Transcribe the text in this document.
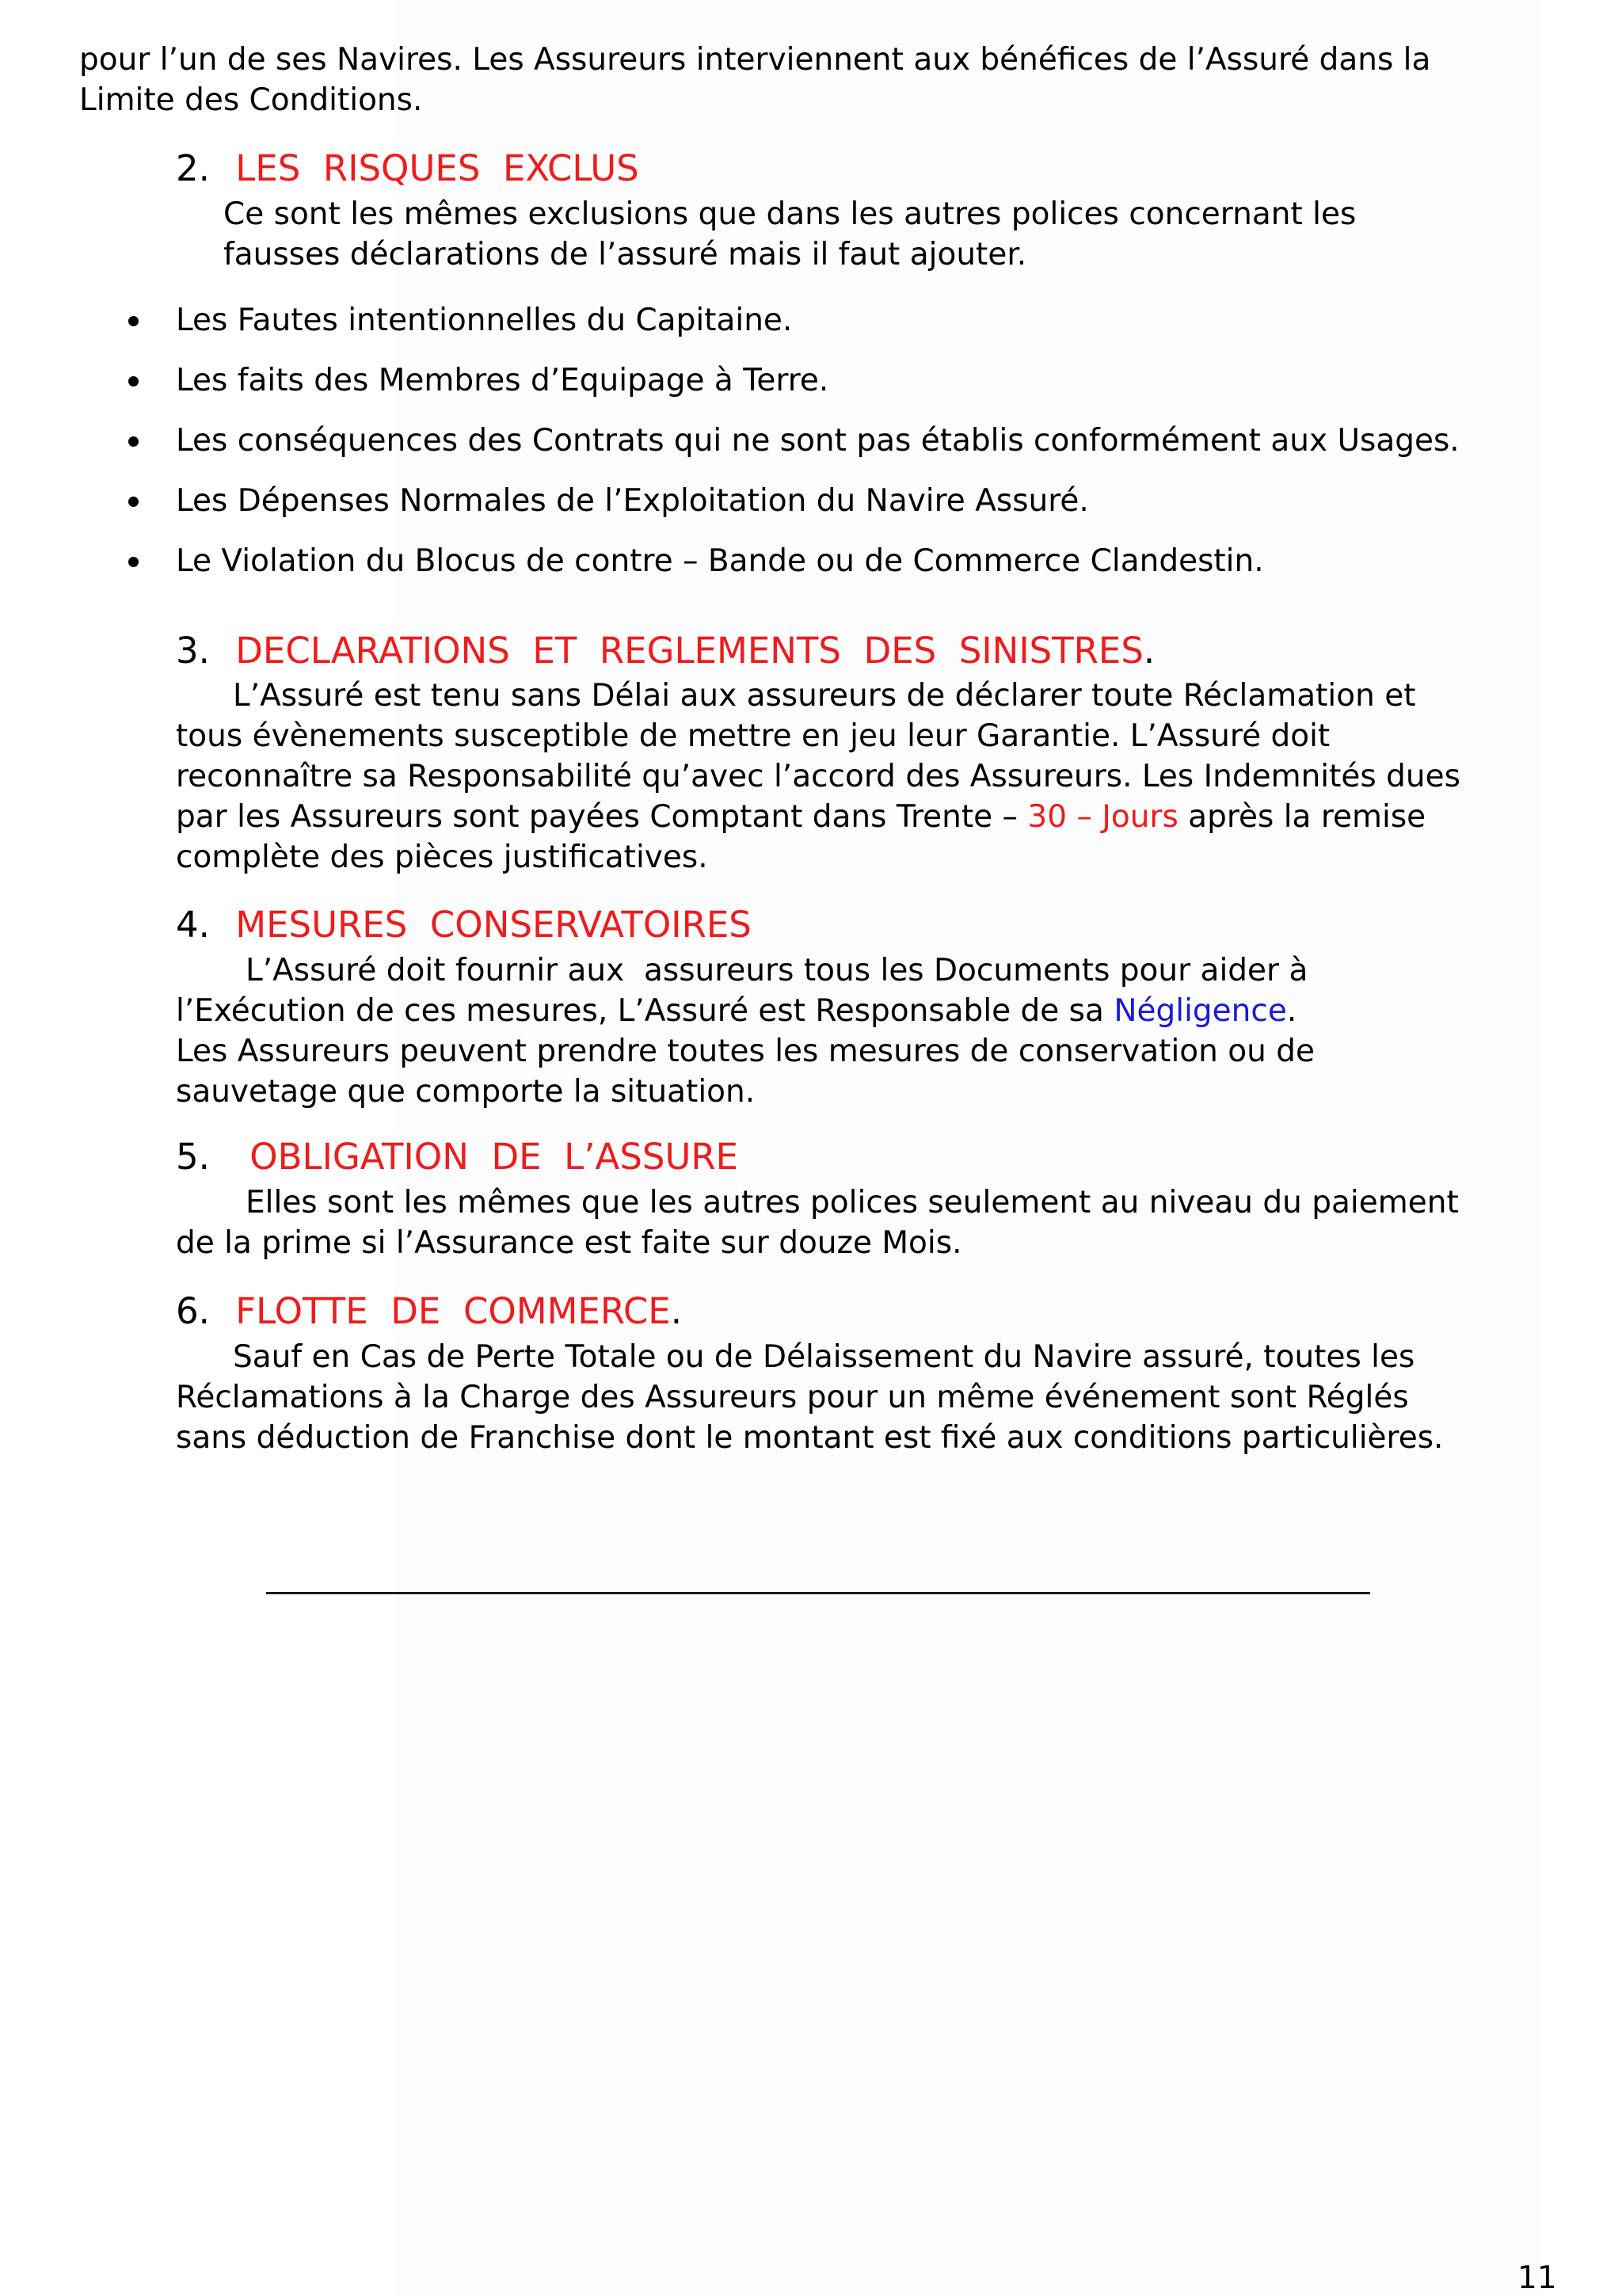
pour l’un de ses Navires. Les Assureurs interviennent aux bénéfices de l’Assuré dans la
Limite des Conditions.
2. LES  RISQUES  EXCLUS
Ce sont les mêmes exclusions que dans les autres polices concernant les
fausses déclarations de l’assuré mais il faut ajouter.
Les Fautes intentionnelles du Capitaine.
Les faits des Membres d’Equipage à Terre.
Les conséquences des Contrats qui ne sont pas établis conformément aux Usages.
Les Dépenses Normales de l’Exploitation du Navire Assuré.
Le Violation du Blocus de contre – Bande ou de Commerce Clandestin.
3. DECLARATIONS  ET  REGLEMENTS  DES  SINISTRES.
L’Assuré est tenu sans Délai aux assureurs de déclarer toute Réclamation et
tous évènements susceptible de mettre en jeu leur Garantie. L’Assuré doit
reconnaître sa Responsabilité qu’avec l’accord des Assureurs. Les Indemnités dues
par les Assureurs sont payées Comptant dans Trente – 30 – Jours après la remise
complète des pièces justificatives.
4. MESURES  CONSERVATOIRES
L’Assuré doit fournir aux  assureurs tous les Documents pour aider à
l’Exécution de ces mesures, L’Assuré est Responsable de sa Négligence.
Les Assureurs peuvent prendre toutes les mesures de conservation ou de
sauvetage que comporte la situation.
5. OBLIGATION  DE  L’ASSURE
Elles sont les mêmes que les autres polices seulement au niveau du paiement
de la prime si l’Assurance est faite sur douze Mois.
6. FLOTTE  DE  COMMERCE.
Sauf en Cas de Perte Totale ou de Délaissement du Navire assuré, toutes les
Réclamations à la Charge des Assureurs pour un même événement sont Réglés
sans déduction de Franchise dont le montant est fixé aux conditions particulières.
11
